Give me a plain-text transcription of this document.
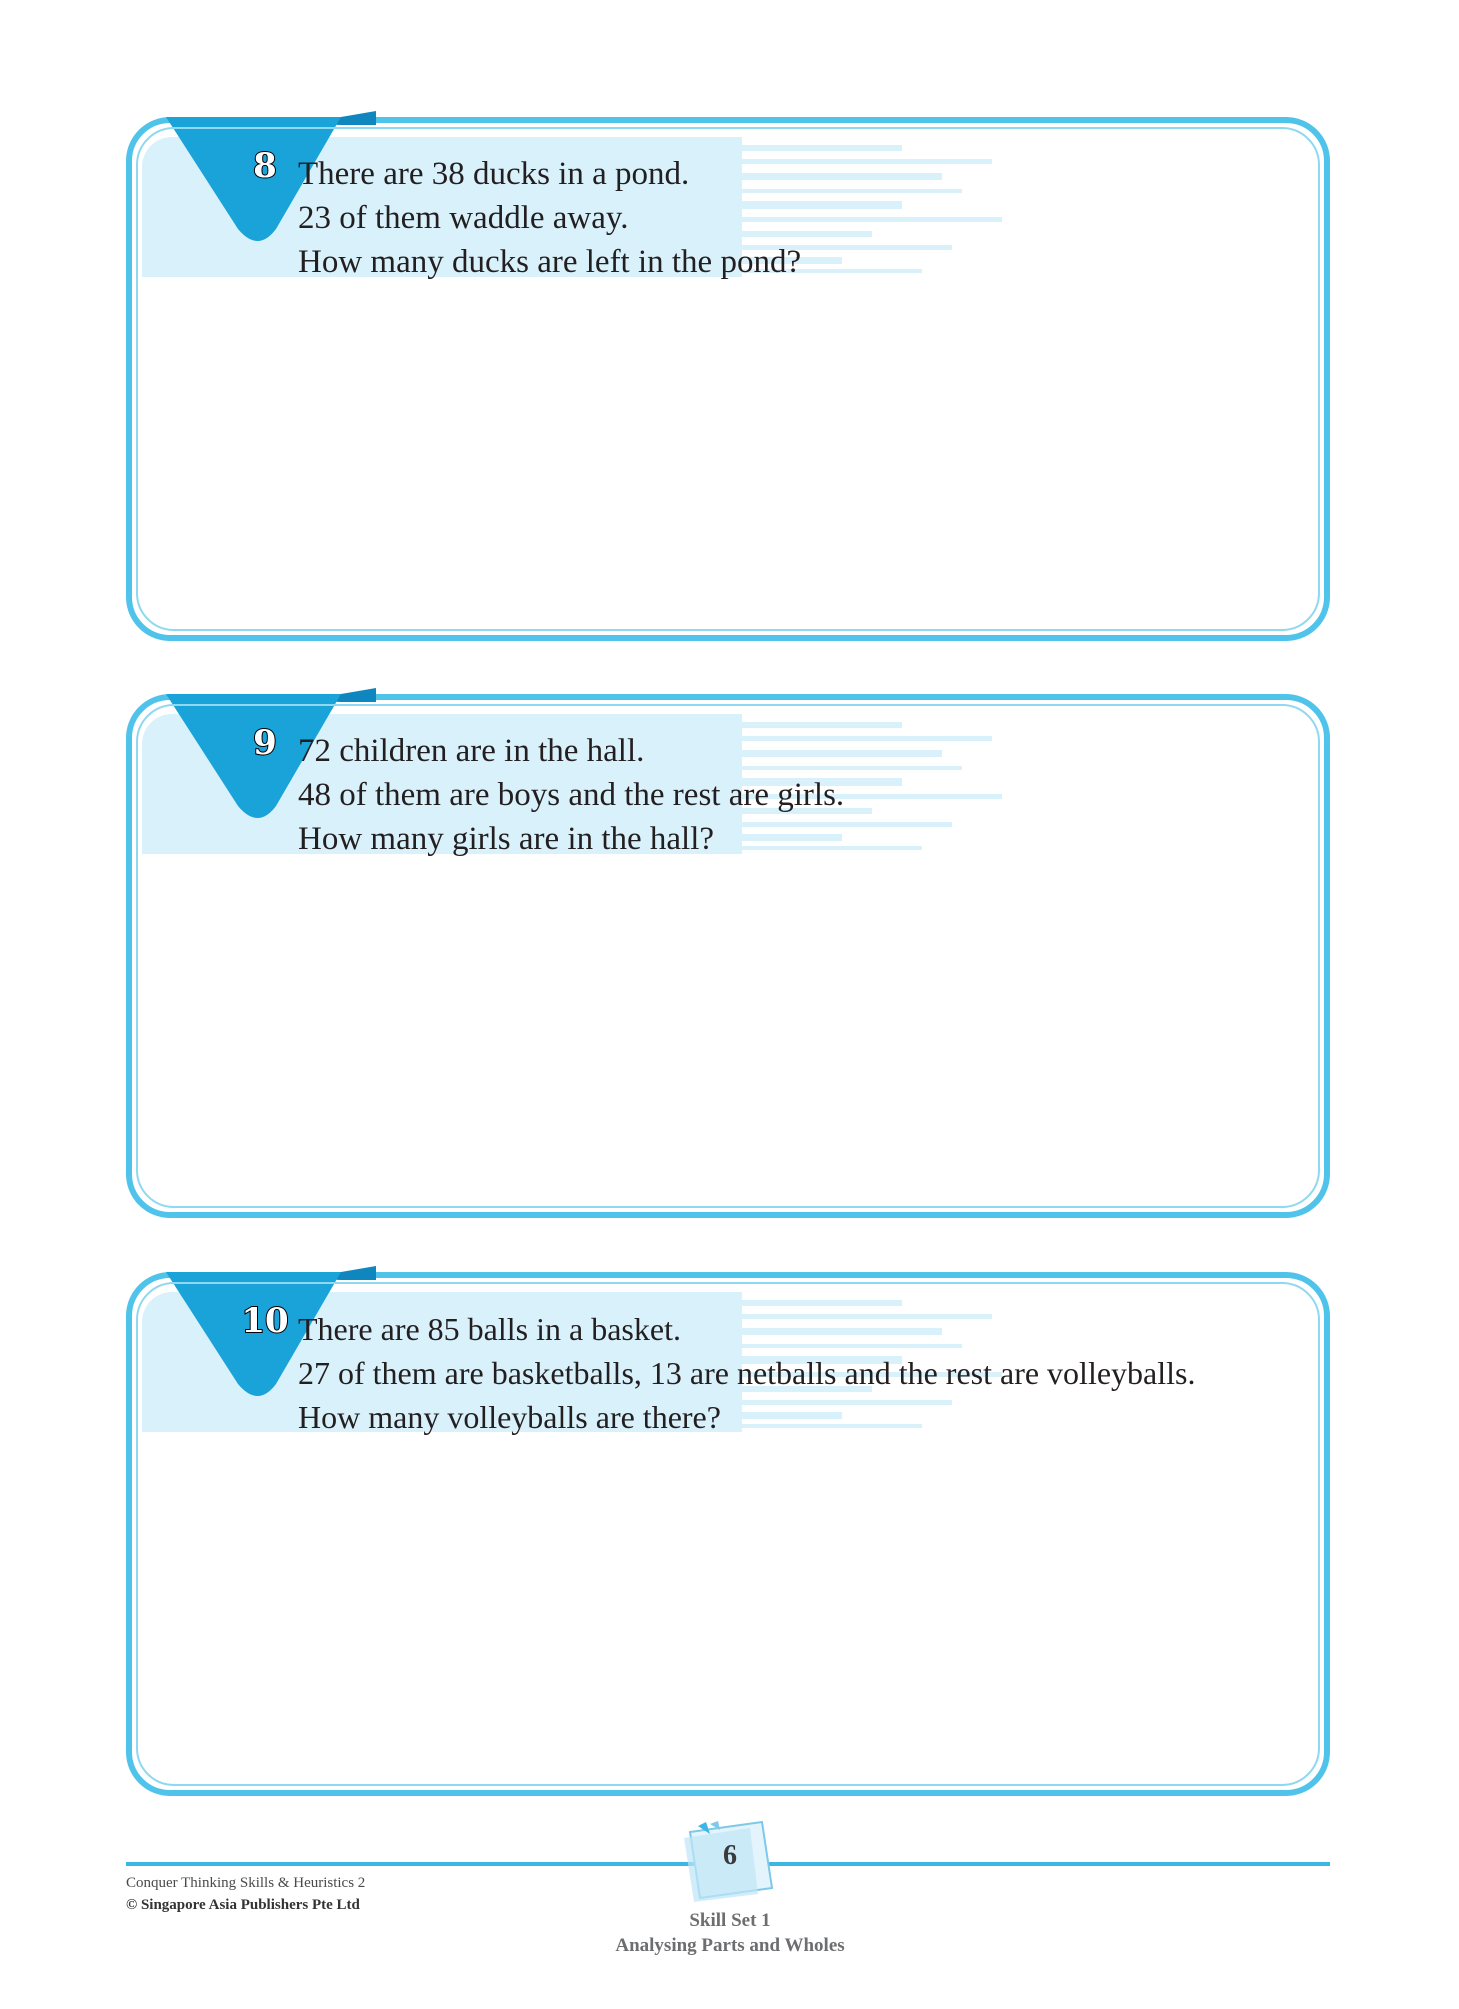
8 There are 38 ducks in a pond.
23 of them waddle away.
How many ducks are left in the pond?
9 72 children are in the hall.
48 of them are boys and the rest are girls.
How many girls are in the hall?
10 There are 85 balls in a basket.
27 of them are basketballs, 13 are netballs and the rest are volleyballs.
How many volleyballs are there?
6
Conquer Thinking Skills & Heuristics 2
© Singapore Asia Publishers Pte Ltd
Skill Set 1
Analysing Parts and Wholes
